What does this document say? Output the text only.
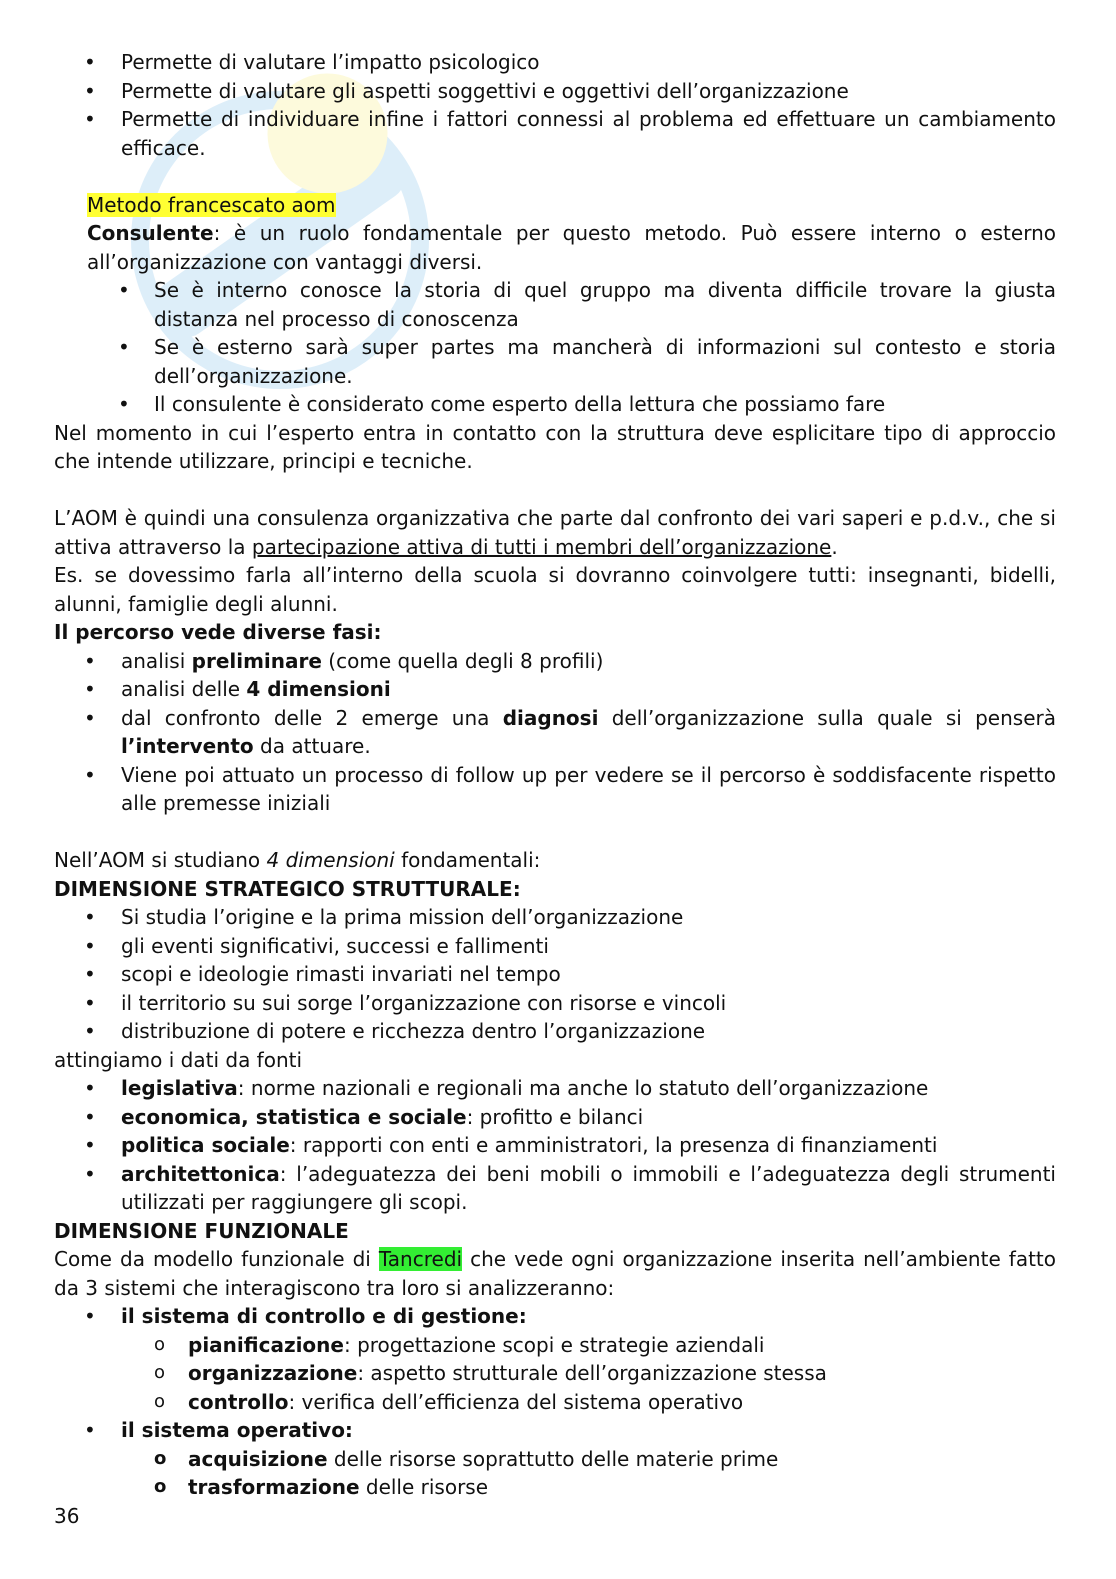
• Permette di valutare l’impatto psicologico
• Permette di valutare gli aspetti soggettivi e oggettivi dell’organizzazione
• Permette di individuare infine i fattori connessi al problema ed effettuare un cambiamento efficace.

Metodo francescato aom

Consulente: è un ruolo fondamentale per questo metodo. Può essere interno o esterno all’organizzazione con vantaggi diversi.

• Se è interno conosce la storia di quel gruppo ma diventa difficile trovare la giusta distanza nel processo di conoscenza
• Se è esterno sarà super partes ma mancherà di informazioni sul contesto e storia dell’organizzazione.
• Il consulente è considerato come esperto della lettura che possiamo fare

Nel momento in cui l’esperto entra in contatto con la struttura deve esplicitare tipo di approccio che intende utilizzare, principi e tecniche.

L’AOM è quindi una consulenza organizzativa che parte dal confronto dei vari saperi e p.d.v., che si attiva attraverso la partecipazione attiva di tutti i membri dell’organizzazione.

Es. se dovessimo farla all’interno della scuola si dovranno coinvolgere tutti: insegnanti, bidelli, alunni, famiglie degli alunni.

Il percorso vede diverse fasi:

• analisi preliminare (come quella degli 8 profili)
• analisi delle 4 dimensioni
• dal confronto delle 2 emerge una diagnosi dell’organizzazione sulla quale si penserà l’intervento da attuare.
• Viene poi attuato un processo di follow up per vedere se il percorso è soddisfacente rispetto alle premesse iniziali

Nell’AOM si studiano 4 dimensioni fondamentali:

DIMENSIONE STRATEGICO STRUTTURALE:

• Si studia l’origine e la prima mission dell’organizzazione
• gli eventi significativi, successi e fallimenti
• scopi e ideologie rimasti invariati nel tempo
• il territorio su sui sorge l’organizzazione con risorse e vincoli
• distribuzione di potere e ricchezza dentro l’organizzazione

attingiamo i dati da fonti

• legislativa: norme nazionali e regionali ma anche lo statuto dell’organizzazione
• economica, statistica e sociale: profitto e bilanci
• politica sociale: rapporti con enti e amministratori, la presenza di finanziamenti
• architettonica: l’adeguatezza dei beni mobili o immobili e l’adeguatezza degli strumenti utilizzati per raggiungere gli scopi.

DIMENSIONE FUNZIONALE

Come da modello funzionale di Tancredi che vede ogni organizzazione inserita nell’ambiente fatto da 3 sistemi che interagiscono tra loro si analizzeranno:

• il sistema di controllo e di gestione:
o pianificazione: progettazione scopi e strategie aziendali
o organizzazione: aspetto strutturale dell’organizzazione stessa
o controllo: verifica dell’efficienza del sistema operativo
• il sistema operativo:
o acquisizione delle risorse soprattutto delle materie prime
o trasformazione delle risorse
36
